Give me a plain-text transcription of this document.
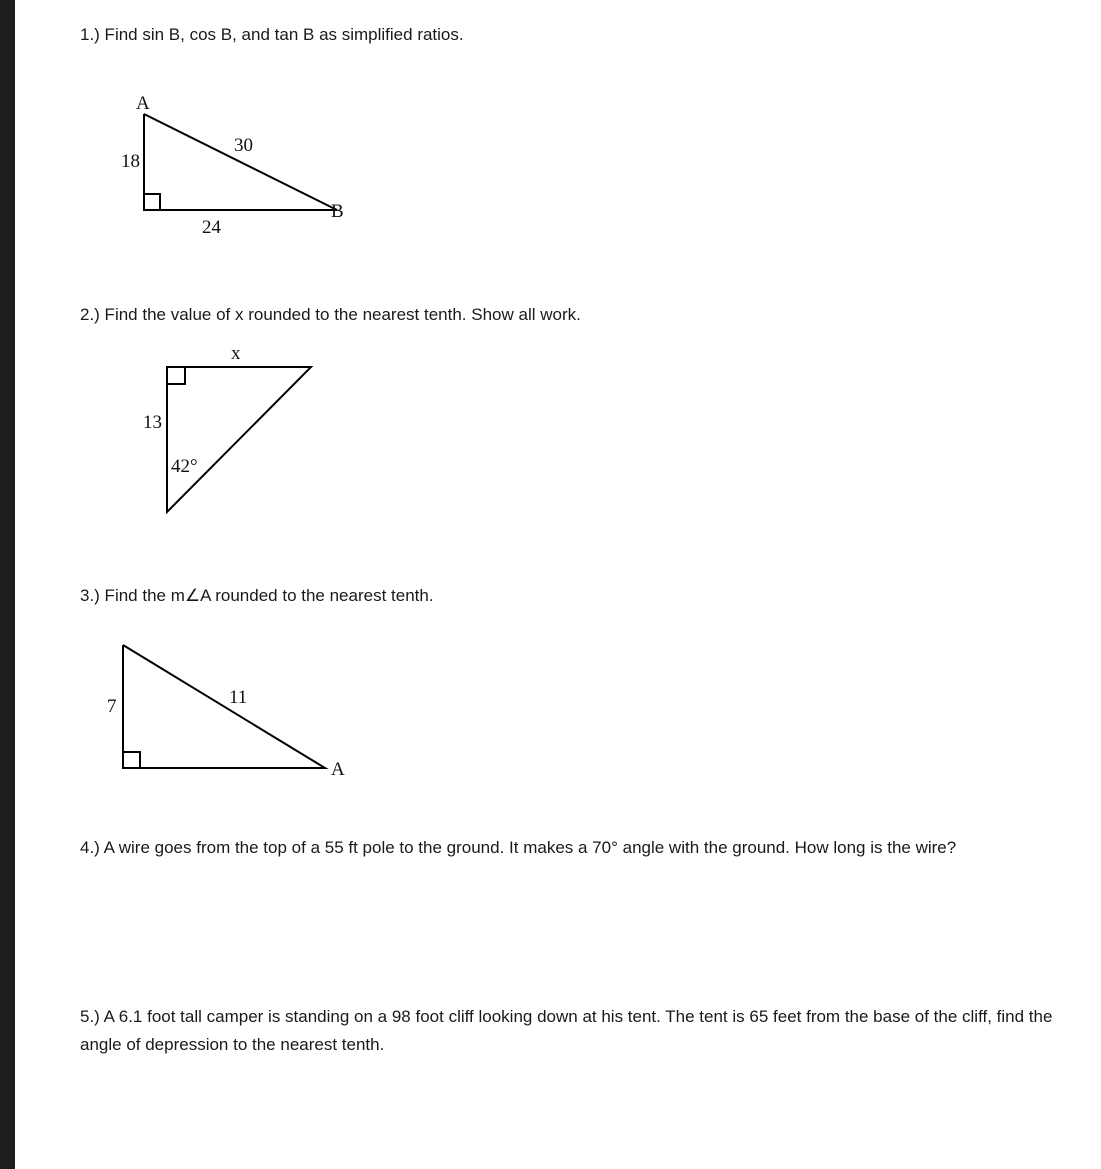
1.) Find sin B, cos B, and tan B as simplified ratios.

A
18
30
24
B

2.) Find the value of x rounded to the nearest tenth. Show all work.

x
13
42°

3.) Find the m∠A rounded to the nearest tenth.

7	11
A

4.) A wire goes from the top of a 55 ft pole to the ground. It makes a 70° angle with the ground. How long is the wire?

5.) A 6.1 foot tall camper is standing on a 98 foot cliff looking down at his tent. The tent is 65 feet from the base of the cliff, find the angle of depression to the nearest tenth.
